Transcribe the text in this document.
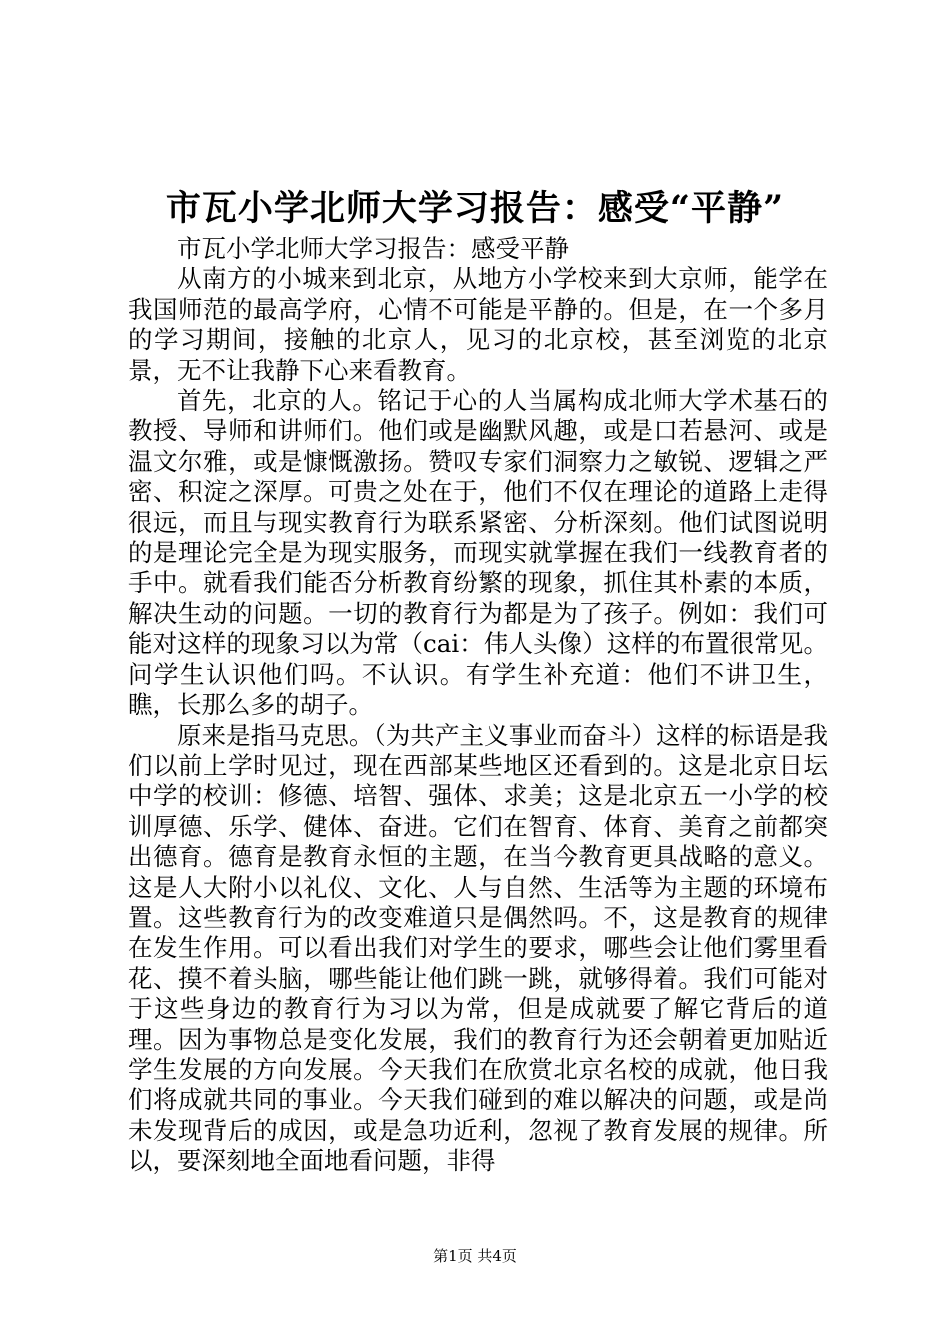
市瓦小学北师大学习报告：感受“平静”

市瓦小学北师大学习报告：感受平静

从南方的小城来到北京，从地方小学校来到大京师，能学在我国师范的最高学府，心情不可能是平静的。但是，在一个多月的学习期间，接触的北京人，见习的北京校，甚至浏览的北京景，无不让我静下心来看教育。

首先，北京的人。铭记于心的人当属构成北师大学术基石的教授、导师和讲师们。他们或是幽默风趣，或是口若悬河、或是温文尔雅，或是慷慨激扬。赞叹专家们洞察力之敏锐、逻辑之严密、积淀之深厚。可贵之处在于，他们不仅在理论的道路上走得很远，而且与现实教育行为联系紧密、分析深刻。他们试图说明的是理论完全是为现实服务，而现实就掌握在我们一线教育者的手中。就看我们能否分析教育纷繁的现象，抓住其朴素的本质，解决生动的问题。一切的教育行为都是为了孩子。例如：我们可能对这样的现象习以为常（cai：伟人头像）这样的布置很常见。问学生认识他们吗。不认识。有学生补充道：他们不讲卫生，瞧，长那么多的胡子。

原来是指马克思。（为共产主义事业而奋斗）这样的标语是我们以前上学时见过，现在西部某些地区还看到的。这是北京日坛中学的校训：修德、培智、强体、求美；这是北京五一小学的校训厚德、乐学、健体、奋进。它们在智育、体育、美育之前都突出德育。德育是教育永恒的主题，在当今教育更具战略的意义。这是人大附小以礼仪、文化、人与自然、生活等为主题的环境布置。这些教育行为的改变难道只是偶然吗。不，这是教育的规律在发生作用。可以看出我们对学生的要求，哪些会让他们雾里看花、摸不着头脑，哪些能让他们跳一跳，就够得着。我们可能对于这些身边的教育行为习以为常，但是成就要了解它背后的道理。因为事物总是变化发展，我们的教育行为还会朝着更加贴近学生发展的方向发展。今天我们在欣赏北京名校的成就，他日我们将成就共同的事业。今天我们碰到的难以解决的问题，或是尚未发现背后的成因，或是急功近利，忽视了教育发展的规律。所以，要深刻地全面地看问题，非得

第1页 共4页
